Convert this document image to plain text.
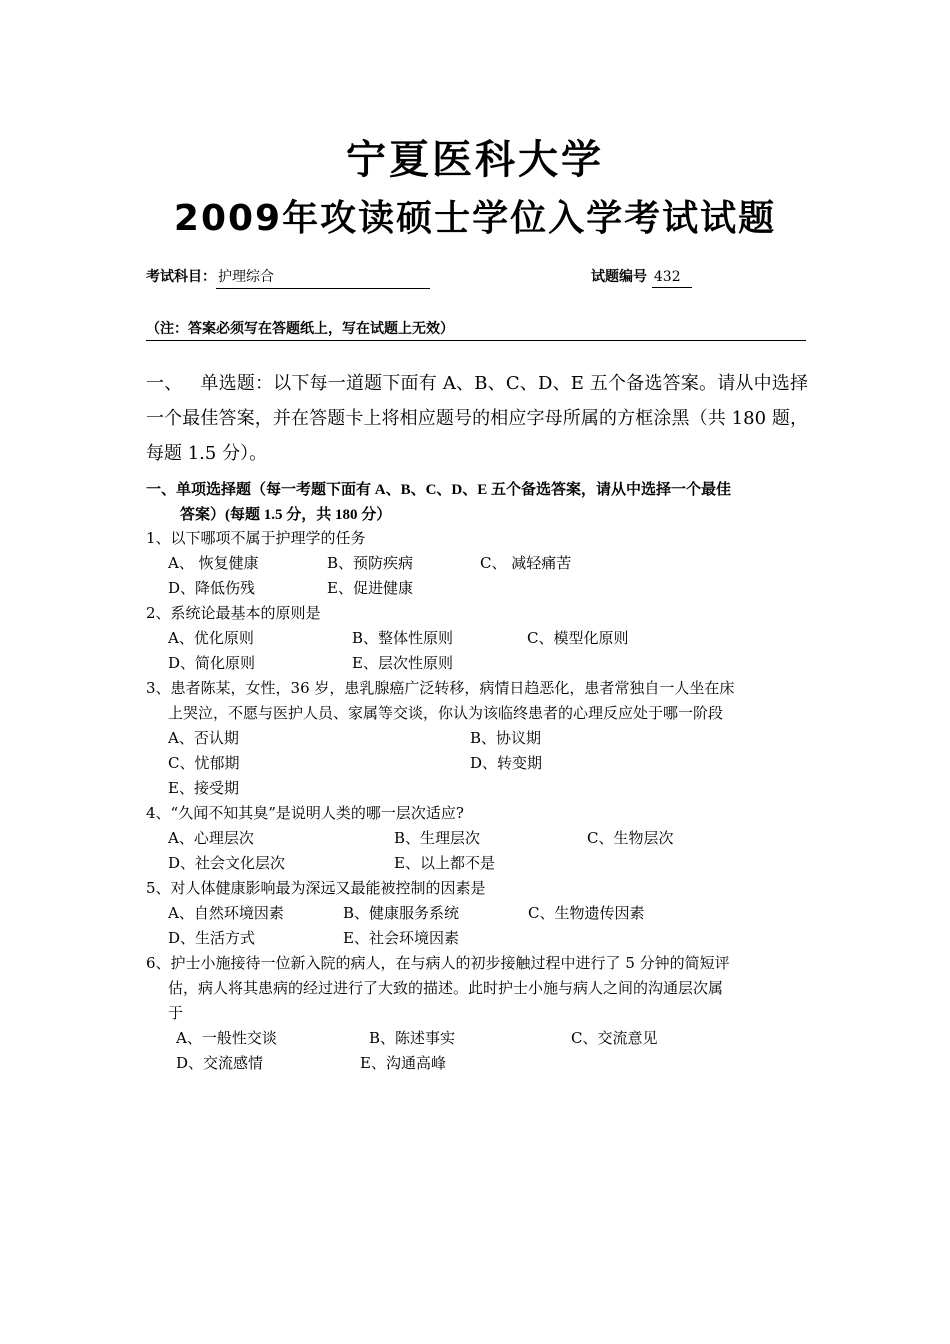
宁夏医科大学
2009年攻读硕士学位入学考试试题
考试科目： 护理综合	试题编号 432
（注：答案必须写在答题纸上，写在试题上无效）
一、 单选题：以下每一道题下面有 A、B、C、D、E 五个备选答案。请从中选择一个最佳答案，并在答题卡上将相应题号的相应字母所属的方框涂黑（共 180 题，每题 1.5 分）。
一、单项选择题（每一考题下面有 A、B、C、D、E 五个备选答案，请从中选择一个最佳
答案）(每题 1.5 分，共 180 分）
1、以下哪项不属于护理学的任务
A、 恢复健康	B、预防疾病	C、 减轻痛苦
D、降低伤残	E、促进健康
2、系统论最基本的原则是
A、优化原则	B、整体性原则	C、模型化原则
D、简化原则	E、层次性原则
3、患者陈某，女性，36 岁，患乳腺癌广泛转移，病情日趋恶化，患者常独自一人坐在床
上哭泣，不愿与医护人员、家属等交谈，你认为该临终患者的心理反应处于哪一阶段
A、否认期	B、协议期
C、忧郁期	D、转变期
E、接受期
4、“久闻不知其臭”是说明人类的哪一层次适应?
A、心理层次	B、生理层次	C、生物层次
D、社会文化层次	E、以上都不是
5、对人体健康影响最为深远又最能被控制的因素是
A、自然环境因素	B、健康服务系统	C、生物遗传因素
D、生活方式	E、社会环境因素
6、护士小施接待一位新入院的病人，在与病人的初步接触过程中进行了 5 分钟的简短评
估，病人将其患病的经过进行了大致的描述。此时护士小施与病人之间的沟通层次属
于
A、一般性交谈	B、陈述事实	C、交流意见
D、交流感情	E、沟通高峰
